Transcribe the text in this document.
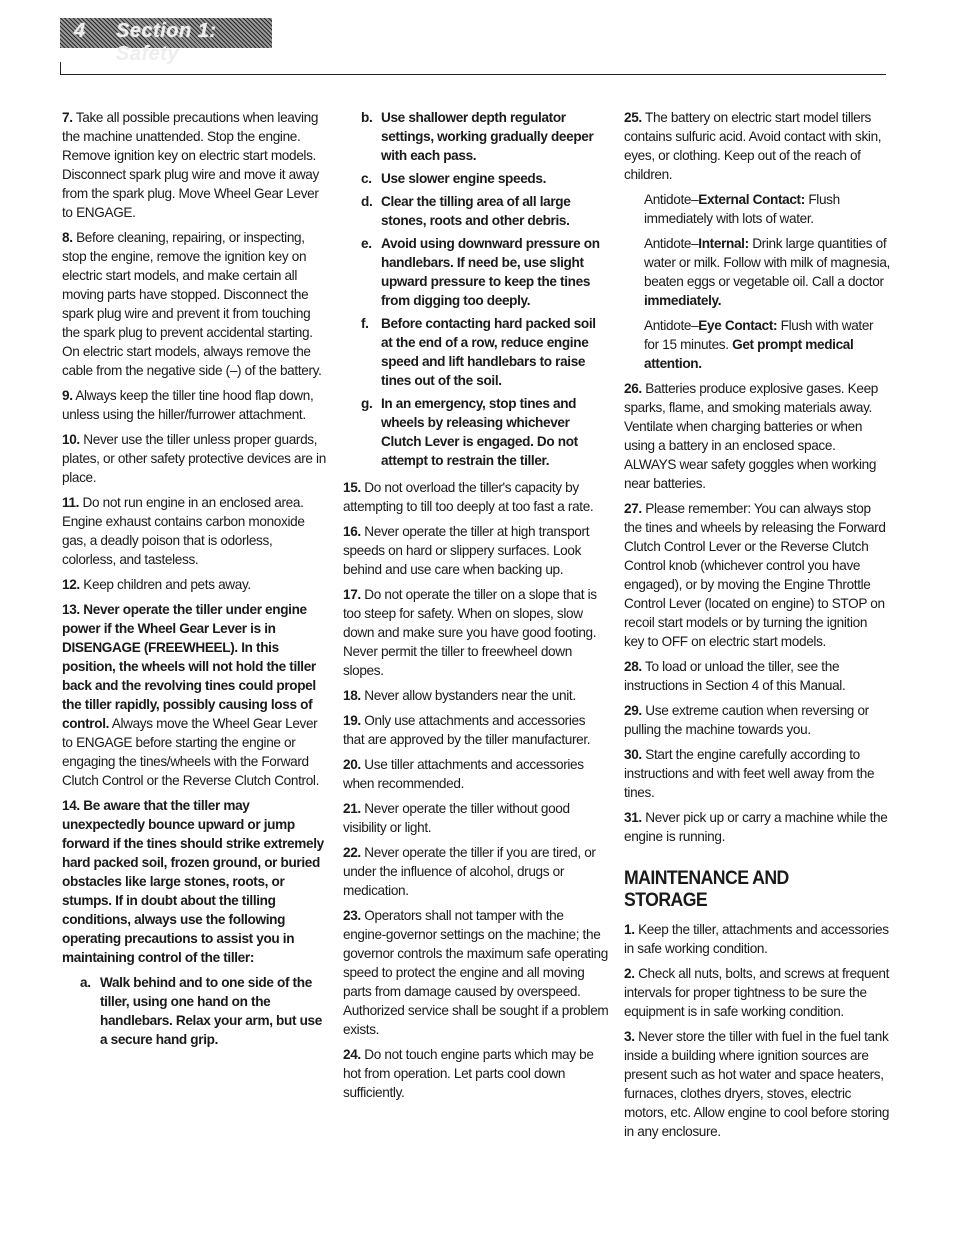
4 Section 1: Safety

7. Take all possible precautions when leaving the machine unattended. Stop the engine. Remove ignition key on electric start models. Disconnect spark plug wire and move it away from the spark plug. Move Wheel Gear Lever to ENGAGE.

8. Before cleaning, repairing, or inspecting, stop the engine, remove the ignition key on electric start models, and make certain all moving parts have stopped. Disconnect the spark plug wire and prevent it from touching the spark plug to prevent accidental starting. On electric start models, always remove the cable from the negative side (–) of the battery.

9. Always keep the tiller tine hood flap down, unless using the hiller/furrower attachment.

10. Never use the tiller unless proper guards, plates, or other safety protective devices are in place.

11. Do not run engine in an enclosed area. Engine exhaust contains carbon monoxide gas, a deadly poison that is odorless, colorless, and tasteless.

12. Keep children and pets away.

13. Never operate the tiller under engine power if the Wheel Gear Lever is in DISENGAGE (FREEWHEEL). In this position, the wheels will not hold the tiller back and the revolving tines could propel the tiller rapidly, possibly causing loss of control. Always move the Wheel Gear Lever to ENGAGE before starting the engine or engaging the tines/wheels with the Forward Clutch Control or the Reverse Clutch Control.

14. Be aware that the tiller may unexpectedly bounce upward or jump forward if the tines should strike extremely hard packed soil, frozen ground, or buried obstacles like large stones, roots, or stumps. If in doubt about the tilling conditions, always use the following operating precautions to assist you in maintaining control of the tiller:

a. Walk behind and to one side of the tiller, using one hand on the handlebars. Relax your arm, but use a secure hand grip.
b. Use shallower depth regulator settings, working gradually deeper with each pass.
c. Use slower engine speeds.
d. Clear the tilling area of all large stones, roots and other debris.
e. Avoid using downward pressure on handlebars. If need be, use slight upward pressure to keep the tines from digging too deeply.
f. Before contacting hard packed soil at the end of a row, reduce engine speed and lift handlebars to raise tines out of the soil.
g. In an emergency, stop tines and wheels by releasing whichever Clutch Lever is engaged. Do not attempt to restrain the tiller.

15. Do not overload the tiller's capacity by attempting to till too deeply at too fast a rate.

16. Never operate the tiller at high transport speeds on hard or slippery surfaces. Look behind and use care when backing up.

17. Do not operate the tiller on a slope that is too steep for safety. When on slopes, slow down and make sure you have good footing. Never permit the tiller to freewheel down slopes.

18. Never allow bystanders near the unit.

19. Only use attachments and accessories that are approved by the tiller manufacturer.

20. Use tiller attachments and accessories when recommended.

21. Never operate the tiller without good visibility or light.

22. Never operate the tiller if you are tired, or under the influence of alcohol, drugs or medication.

23. Operators shall not tamper with the engine-governor settings on the machine; the governor controls the maximum safe operating speed to protect the engine and all moving parts from damage caused by overspeed. Authorized service shall be sought if a problem exists.

24. Do not touch engine parts which may be hot from operation. Let parts cool down sufficiently.

25. The battery on electric start model tillers contains sulfuric acid. Avoid contact with skin, eyes, or clothing. Keep out of the reach of children.

Antidote–External Contact: Flush immediately with lots of water.

Antidote–Internal: Drink large quantities of water or milk. Follow with milk of magnesia, beaten eggs or vegetable oil. Call a doctor immediately.

Antidote–Eye Contact: Flush with water for 15 minutes. Get prompt medical attention.

26. Batteries produce explosive gases. Keep sparks, flame, and smoking materials away. Ventilate when charging batteries or when using a battery in an enclosed space. ALWAYS wear safety goggles when working near batteries.

27. Please remember: You can always stop the tines and wheels by releasing the Forward Clutch Control Lever or the Reverse Clutch Control knob (whichever control you have engaged), or by moving the Engine Throttle Control Lever (located on engine) to STOP on recoil start models or by turning the ignition key to OFF on electric start models.

28. To load or unload the tiller, see the instructions in Section 4 of this Manual.

29. Use extreme caution when reversing or pulling the machine towards you.

30. Start the engine carefully according to instructions and with feet well away from the tines.

31. Never pick up or carry a machine while the engine is running.

MAINTENANCE AND STORAGE

1. Keep the tiller, attachments and accessories in safe working condition.

2. Check all nuts, bolts, and screws at frequent intervals for proper tightness to be sure the equipment is in safe working condition.

3. Never store the tiller with fuel in the fuel tank inside a building where ignition sources are present such as hot water and space heaters, furnaces, clothes dryers, stoves, electric motors, etc. Allow engine to cool before storing in any enclosure.
